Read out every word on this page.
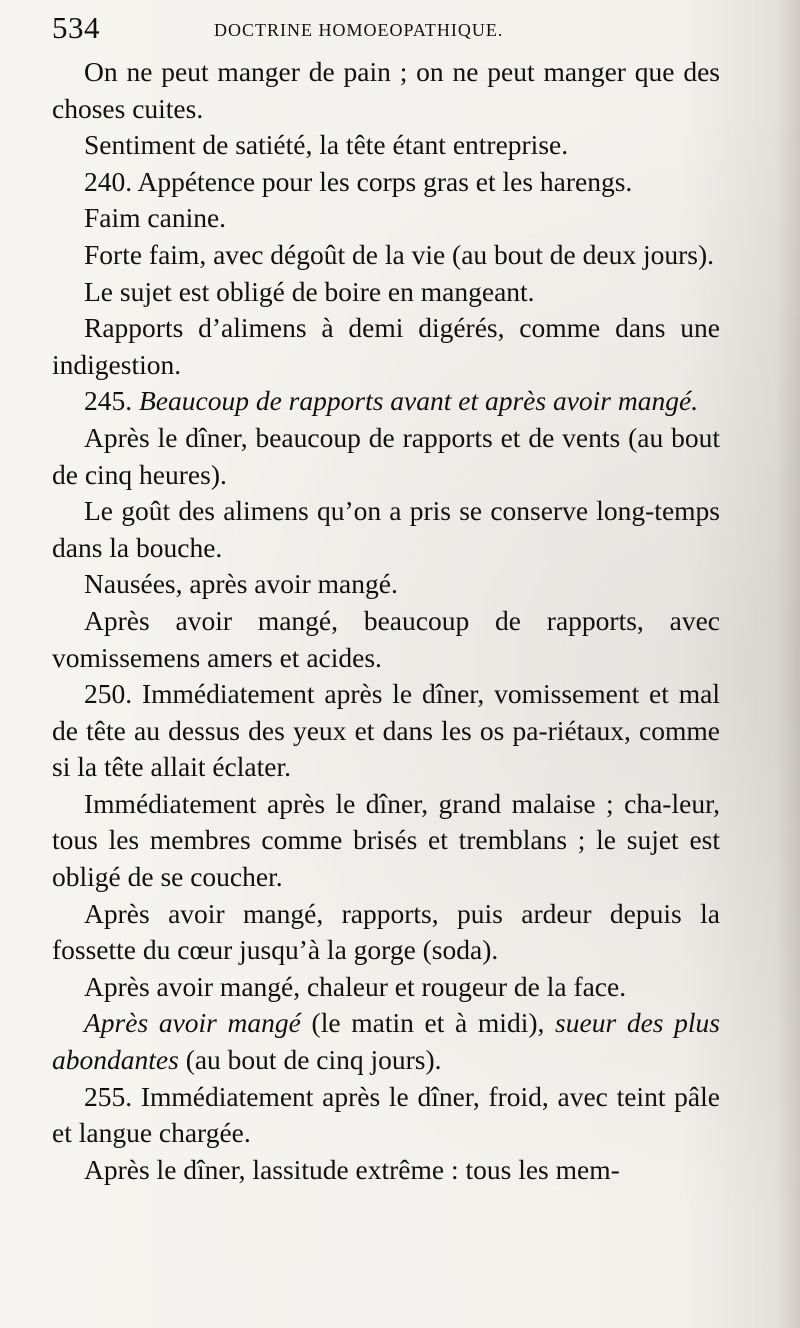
534	DOCTRINE HOMOEOPATHIQUE.

On ne peut manger de pain ; on ne peut manger que des choses cuites.

Sentiment de satiété, la tête étant entreprise.

240. Appétence pour les corps gras et les harengs.

Faim canine.

Forte faim, avec dégoût de la vie (au bout de deux jours).

Le sujet est obligé de boire en mangeant.

Rapports d’alimens à demi digérés, comme dans une indigestion.

245. Beaucoup de rapports avant et après avoir mangé.

Après le dîner, beaucoup de rapports et de vents (au bout de cinq heures).

Le goût des alimens qu’on a pris se conserve long-temps dans la bouche.

Nausées, après avoir mangé.

Après avoir mangé, beaucoup de rapports, avec vomissemens amers et acides.

250. Immédiatement après le dîner, vomissement et mal de tête au dessus des yeux et dans les os pa-riétaux, comme si la tête allait éclater.

Immédiatement après le dîner, grand malaise ; cha-leur, tous les membres comme brisés et tremblans ; le sujet est obligé de se coucher.

Après avoir mangé, rapports, puis ardeur depuis la fossette du cœur jusqu’à la gorge (soda).

Après avoir mangé, chaleur et rougeur de la face.

Après avoir mangé (le matin et à midi), sueur des plus abondantes (au bout de cinq jours).

255. Immédiatement après le dîner, froid, avec teint pâle et langue chargée.

Après le dîner, lassitude extrême : tous les mem-
